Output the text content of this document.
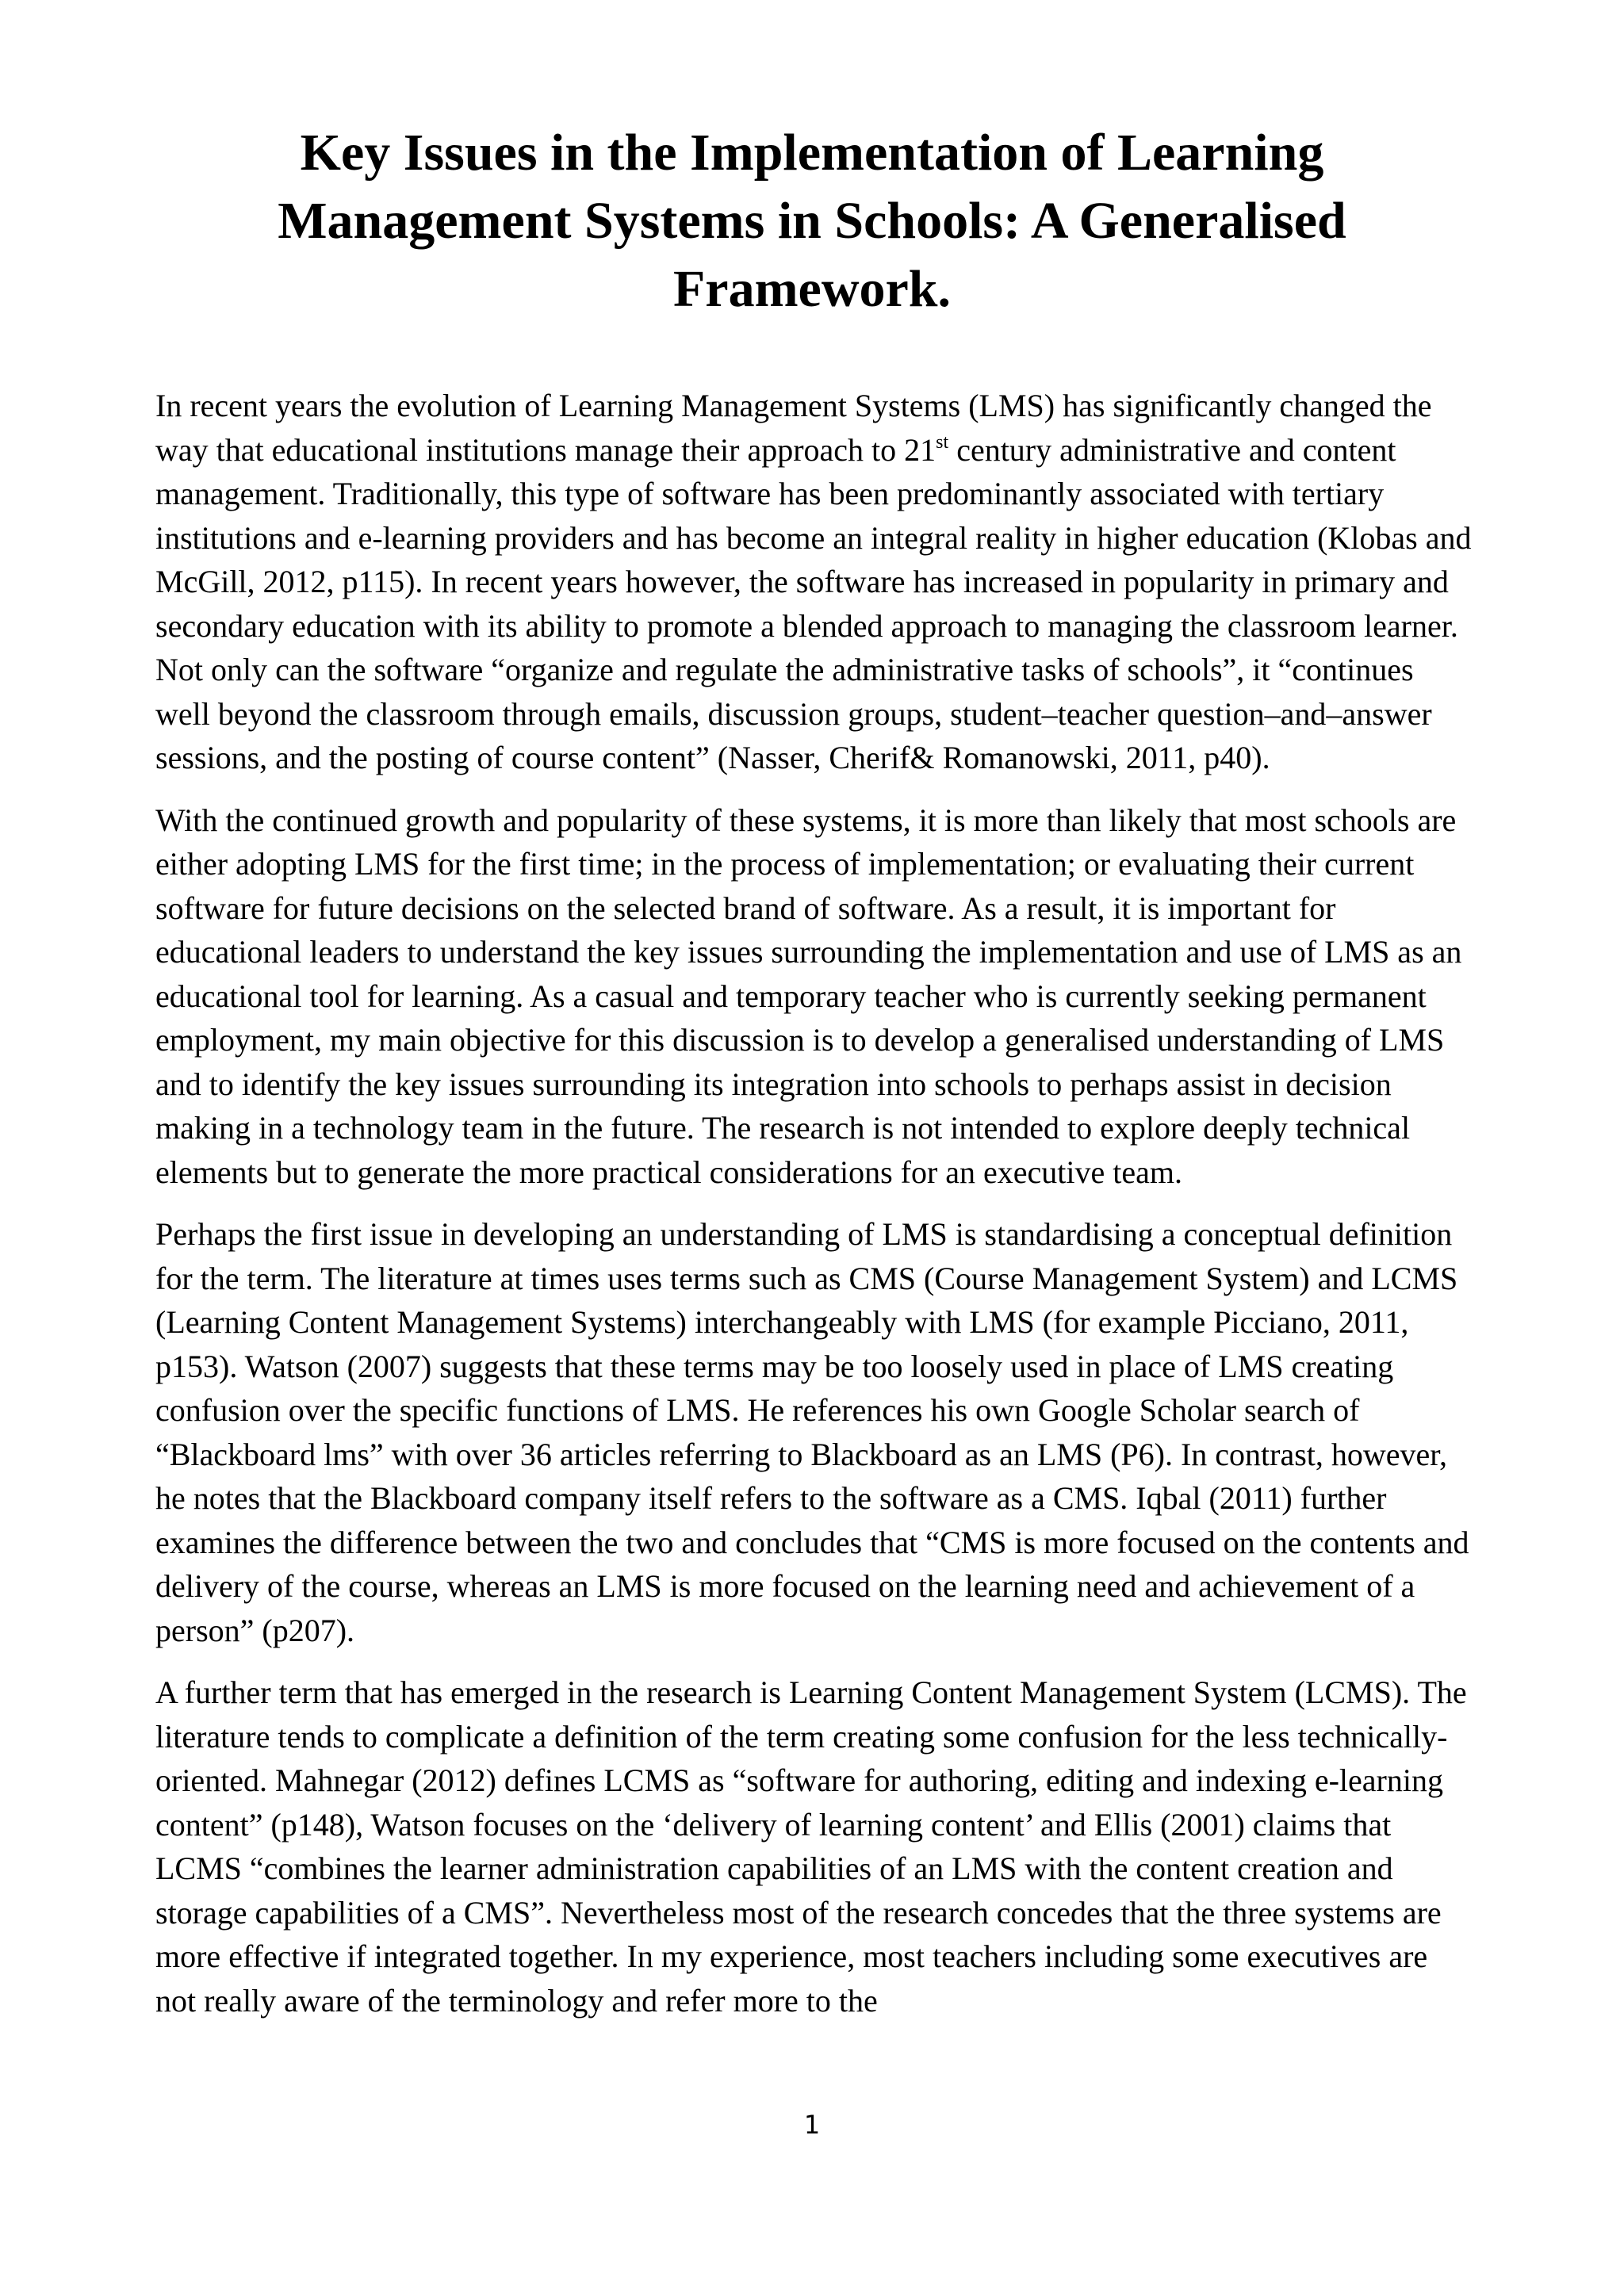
Key Issues in the Implementation of Learning Management Systems in Schools: A Generalised Framework.

In recent years the evolution of Learning Management Systems (LMS) has significantly changed the way that educational institutions manage their approach to 21st century administrative and content management. Traditionally, this type of software has been predominantly associated with tertiary institutions and e-learning providers and has become an integral reality in higher education (Klobas and McGill, 2012, p115). In recent years however, the software has increased in popularity in primary and secondary education with its ability to promote a blended approach to managing the classroom learner. Not only can the software “organize and regulate the administrative tasks of schools”, it “continues well beyond the classroom through emails, discussion groups, student–teacher question–and–answer sessions, and the posting of course content” (Nasser, Cherif& Romanowski, 2011, p40).

With the continued growth and popularity of these systems, it is more than likely that most schools are either adopting LMS for the first time; in the process of implementation; or evaluating their current software for future decisions on the selected brand of software. As a result, it is important for educational leaders to understand the key issues surrounding the implementation and use of LMS as an educational tool for learning. As a casual and temporary teacher who is currently seeking permanent employment, my main objective for this discussion is to develop a generalised understanding of LMS and to identify the key issues surrounding its integration into schools to perhaps assist in decision making in a technology team in the future. The research is not intended to explore deeply technical elements but to generate the more practical considerations for an executive team.

Perhaps the first issue in developing an understanding of LMS is standardising a conceptual definition for the term. The literature at times uses terms such as CMS (Course Management System) and LCMS (Learning Content Management Systems) interchangeably with LMS (for example Picciano, 2011, p153). Watson (2007) suggests that these terms may be too loosely used in place of LMS creating confusion over the specific functions of LMS. He references his own Google Scholar search of “Blackboard lms” with over 36 articles referring to Blackboard as an LMS (P6). In contrast, however, he notes that the Blackboard company itself refers to the software as a CMS. Iqbal (2011) further examines the difference between the two and concludes that “CMS is more focused on the contents and delivery of the course, whereas an LMS is more focused on the learning need and achievement of a person” (p207).

A further term that has emerged in the research is Learning Content Management System (LCMS). The literature tends to complicate a definition of the term creating some confusion for the less technically-oriented. Mahnegar (2012) defines LCMS as “software for authoring, editing and indexing e-learning content” (p148), Watson focuses on the ‘delivery of learning content’ and Ellis (2001) claims that LCMS “combines the learner administration capabilities of an LMS with the content creation and storage capabilities of a CMS”. Nevertheless most of the research concedes that the three systems are more effective if integrated together. In my experience, most teachers including some executives are not really aware of the terminology and refer more to the

1
